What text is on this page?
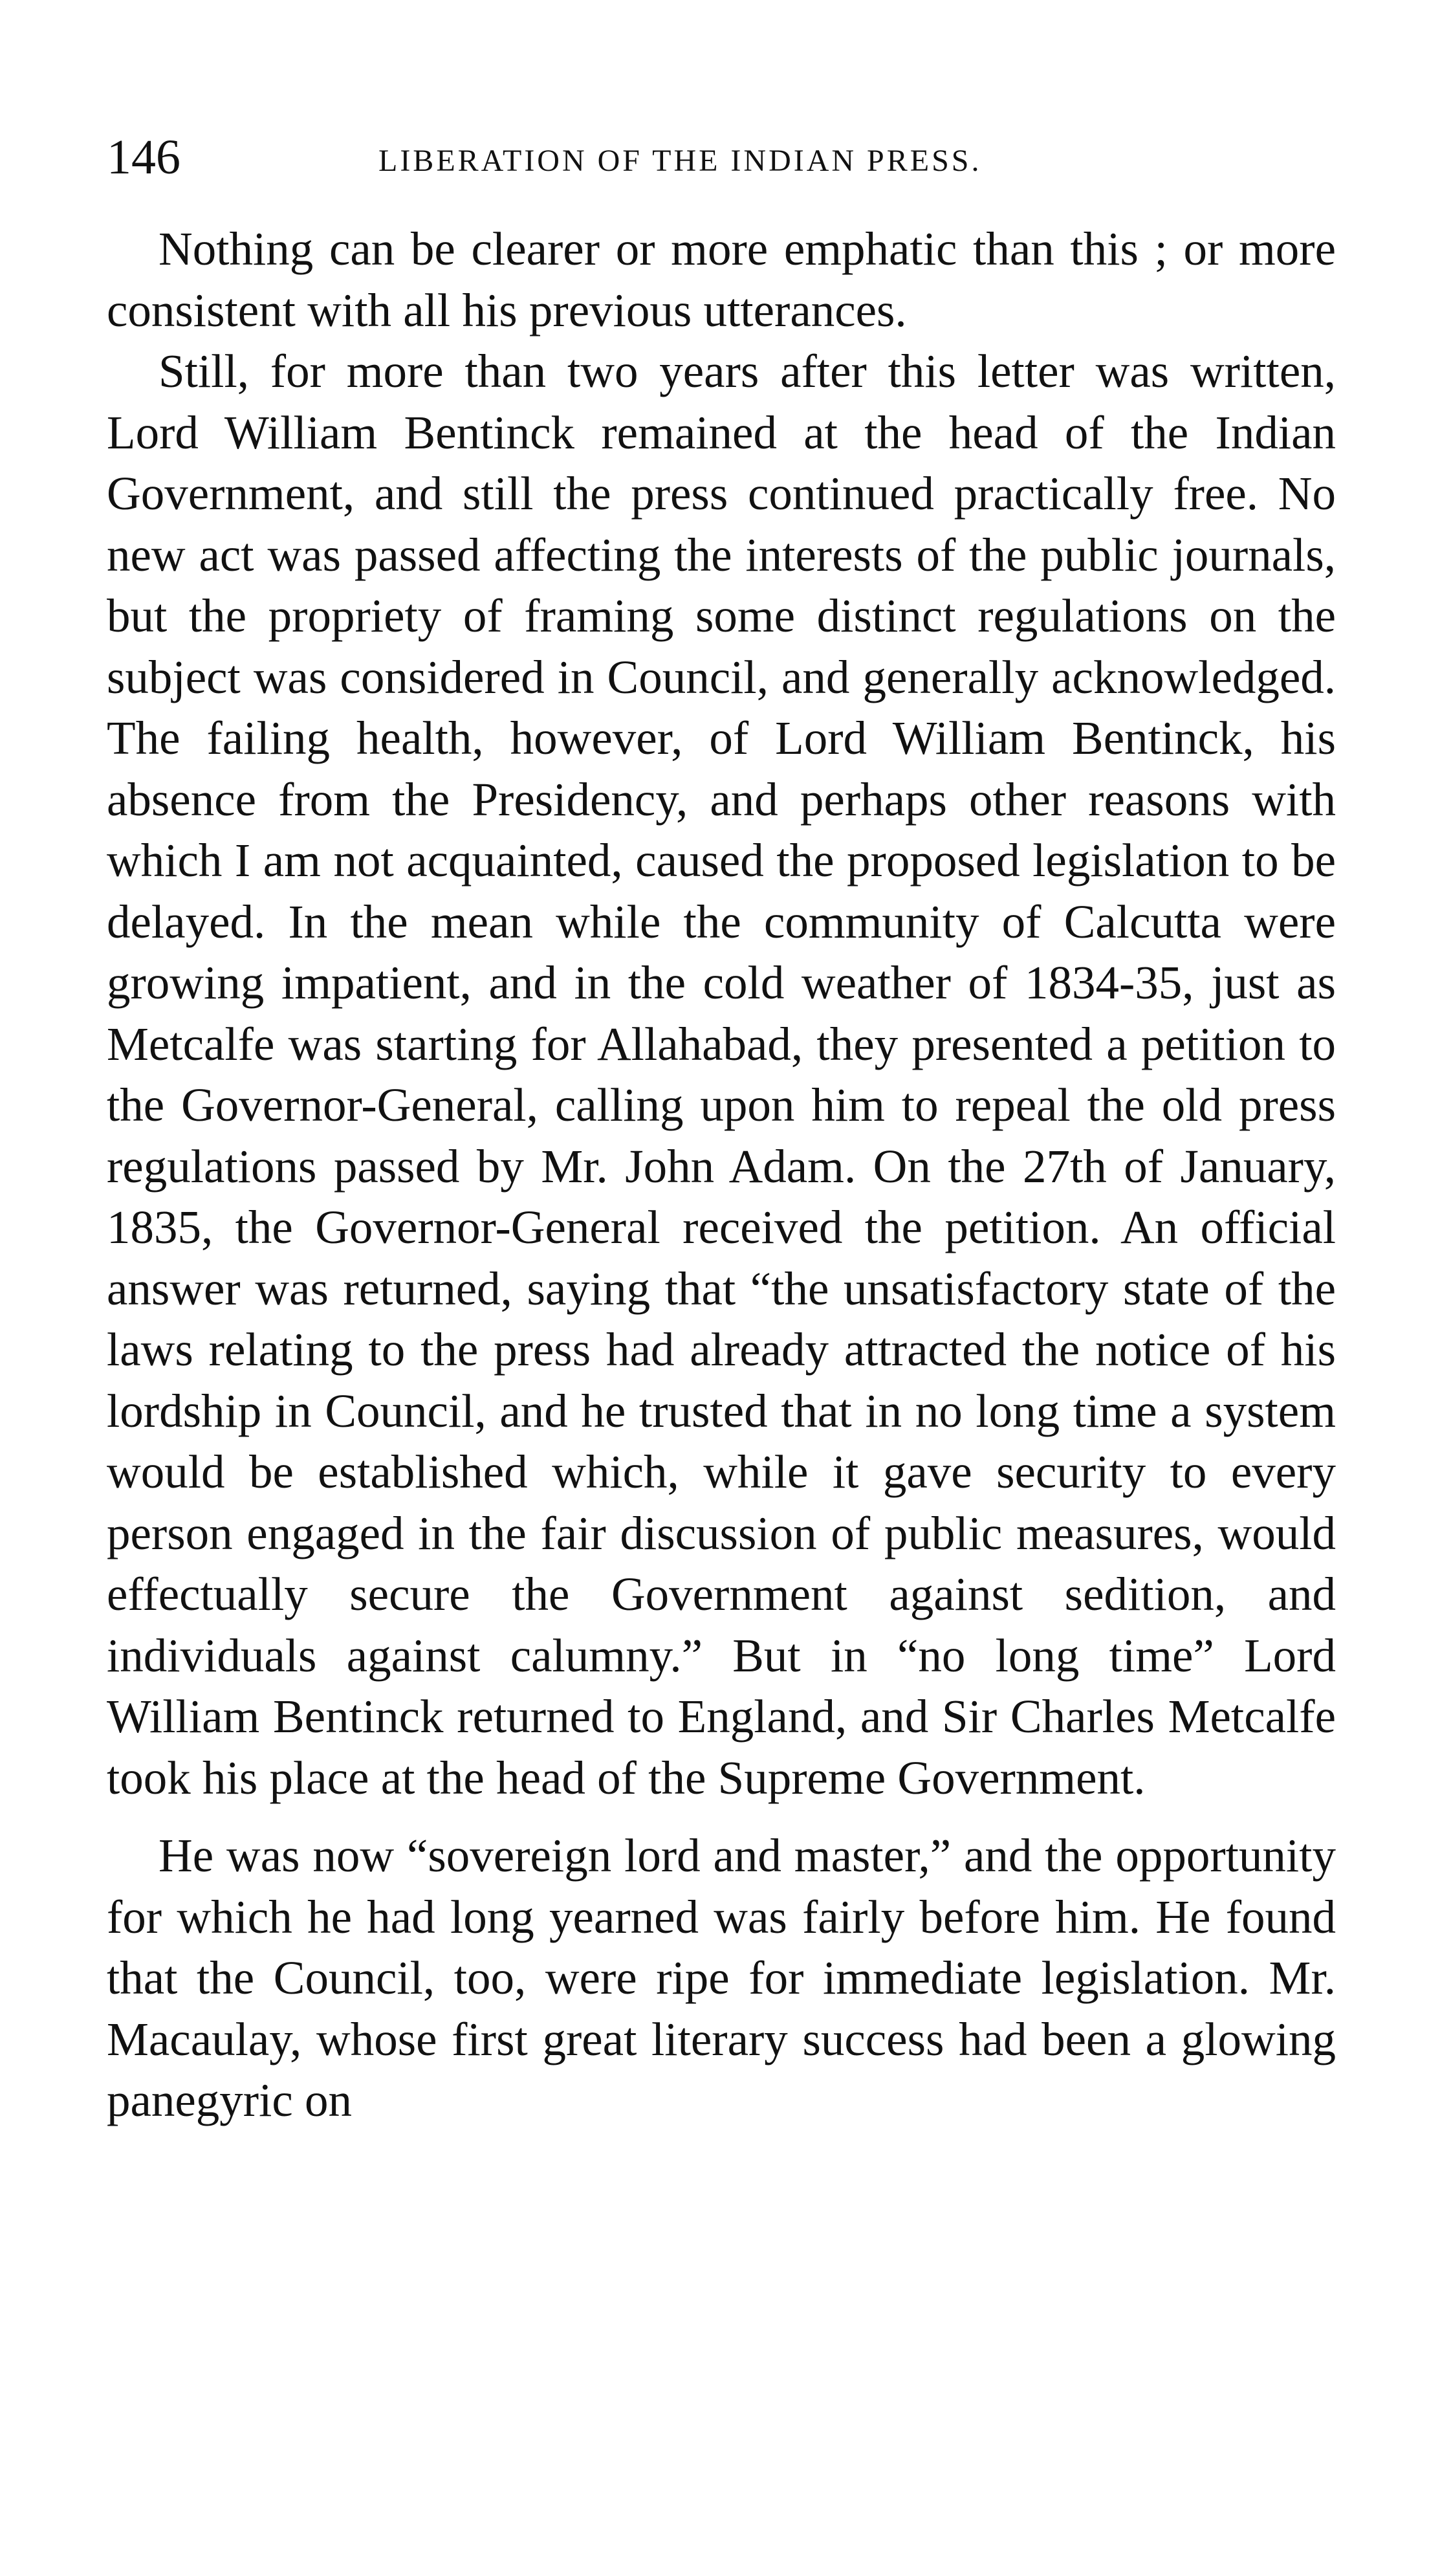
146	LIBERATION OF THE INDIAN PRESS.

Nothing can be clearer or more emphatic than this ; or more consistent with all his previous utterances.

Still, for more than two years after this letter was written, Lord William Bentinck remained at the head of the Indian Government, and still the press continued practically free. No new act was passed affecting the interests of the public journals, but the propriety of framing some distinct regulations on the subject was considered in Council, and generally acknowledged. The failing health, however, of Lord William Bentinck, his absence from the Presidency, and perhaps other reasons with which I am not acquainted, caused the proposed legislation to be delayed. In the mean while the community of Calcutta were growing impatient, and in the cold weather of 1834-35, just as Metcalfe was starting for Allahabad, they presented a petition to the Governor-General, calling upon him to repeal the old press regulations passed by Mr. John Adam. On the 27th of January, 1835, the Governor-General received the petition. An official answer was returned, saying that “the unsatisfactory state of the laws relating to the press had already attracted the notice of his lordship in Council, and he trusted that in no long time a system would be established which, while it gave security to every person engaged in the fair discussion of public measures, would effectually secure the Government against sedition, and individuals against calumny.” But in “no long time” Lord William Bentinck returned to England, and Sir Charles Metcalfe took his place at the head of the Supreme Government.

He was now “sovereign lord and master,” and the opportunity for which he had long yearned was fairly before him. He found that the Council, too, were ripe for immediate legislation. Mr. Macaulay, whose first great literary success had been a glowing panegyric on
